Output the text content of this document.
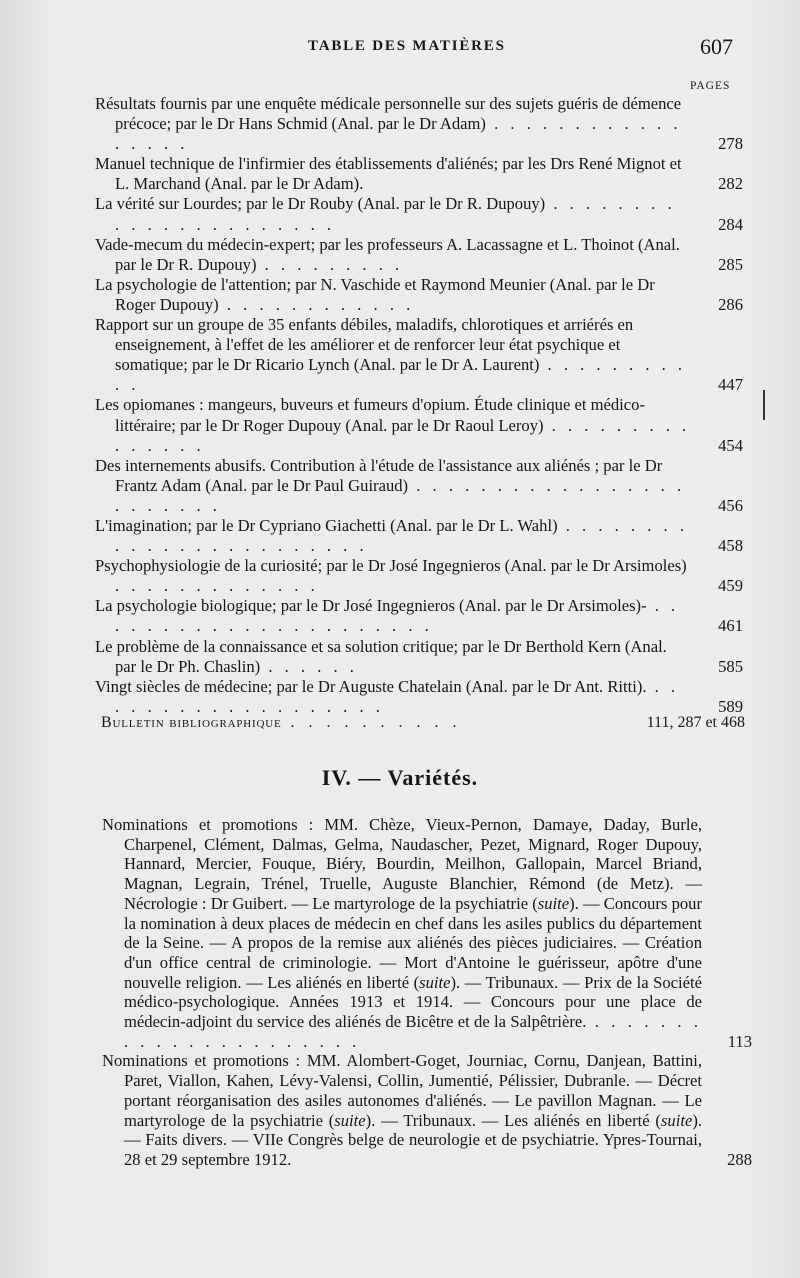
TABLE DES MATIÈRES	607
PAGES
Résultats fournis par une enquête médicale personnelle sur des sujets guéris de démence précoce; par le Dr Hans Schmid (Anal. par le Dr Adam) . . . . . . . . . . . . . . . . .	278
Manuel technique de l'infirmier des établissements d'aliénés; par les Drs René Mignot et L. Marchand (Anal. par le Dr Adam).	282
La vérité sur Lourdes; par le Dr Rouby (Anal. par le Dr R. Dupouy) . . . . . . . . . . . . . . . . . . . . . .	284
Vade-mecum du médecin-expert; par les professeurs A. Lacassagne et L. Thoinot (Anal. par le Dr R. Dupouy) . . . . . . . . .	285
La psychologie de l'attention; par N. Vaschide et Raymond Meunier (Anal. par le Dr Roger Dupouy) . . . . . . . . . . . .	286
Rapport sur un groupe de 35 enfants débiles, maladifs, chlorotiques et arriérés en enseignement, à l'effet de les améliorer et de renforcer leur état psychique et somatique; par le Dr Ricario Lynch (Anal. par le Dr A. Laurent) . . . . . . . . . . .	447
Les opiomanes : mangeurs, buveurs et fumeurs d'opium. Étude clinique et médico-littéraire; par le Dr Roger Dupouy (Anal. par le Dr Raoul Leroy) . . . . . . . . . . . . . . .	454
Des internements abusifs. Contribution à l'étude de l'assistance aux aliénés ; par le Dr Frantz Adam (Anal. par le Dr Paul Guiraud) . . . . . . . . . . . . . . . . . . . . . . . .	456
L'imagination; par le Dr Cypriano Giachetti (Anal. par le Dr L. Wahl) . . . . . . . . . . . . . . . . . . . . . . . .	458
Psychophysiologie de la curiosité; par le Dr José Ingegnieros (Anal. par le Dr Arsimoles) . . . . . . . . . . . . .	459
La psychologie biologique; par le Dr José Ingegnieros (Anal. par le Dr Arsimoles)- . . . . . . . . . . . . . . . . . . . . . .	461
Le problème de la connaissance et sa solution critique; par le Dr Berthold Kern (Anal. par le Dr Ph. Chaslin) . . . . . .	585
Vingt siècles de médecine; par le Dr Auguste Chatelain (Anal. par le Dr Ant. Ritti). . . . . . . . . . . . . . . . . . . .	589
Bulletin bibliographique . . . . . . . . . .	111, 287 et 468
IV. — Variétés.
Nominations et promotions : MM. Chèze, Vieux-Pernon, Damaye, Daday, Burle, Charpenel, Clément, Dalmas, Gelma, Naudascher, Pezet, Mignard, Roger Dupouy, Hannard, Mercier, Fouque, Biéry, Bourdin, Meilhon, Gallopain, Marcel Briand, Magnan, Legrain, Trénel, Truelle, Auguste Blanchier, Rémond (de Metz). — Nécrologie : Dr Guibert. — Le martyrologe de la psychiatrie (suite). — Concours pour la nomination à deux places de médecin en chef dans les asiles publics du département de la Seine. — A propos de la remise aux aliénés des pièces judiciaires. — Création d'un office central de criminologie. — Mort d'Antoine le guérisseur, apôtre d'une nouvelle religion. — Les aliénés en liberté (suite). — Tribunaux. — Prix de la Société médico-psychologique. Années 1913 et 1914. — Concours pour une place de médecin-adjoint du service des aliénés de Bicêtre et de la Salpêtrière. . . . . . . . . . . . . . . . . . . . . . .	113
Nominations et promotions : MM. Alombert-Goget, Journiac, Cornu, Danjean, Battini, Paret, Viallon, Kahen, Lévy-Valensi, Collin, Jumentié, Pélissier, Dubranle. — Décret portant réorganisation des asiles autonomes d'aliénés. — Le pavillon Magnan. — Le martyrologe de la psychiatrie (suite). — Tribunaux. — Les aliénés en liberté (suite). — Faits divers. — VIIe Congrès belge de neurologie et de psychiatrie. Ypres-Tournai, 28 et 29 septembre 1912.	288
